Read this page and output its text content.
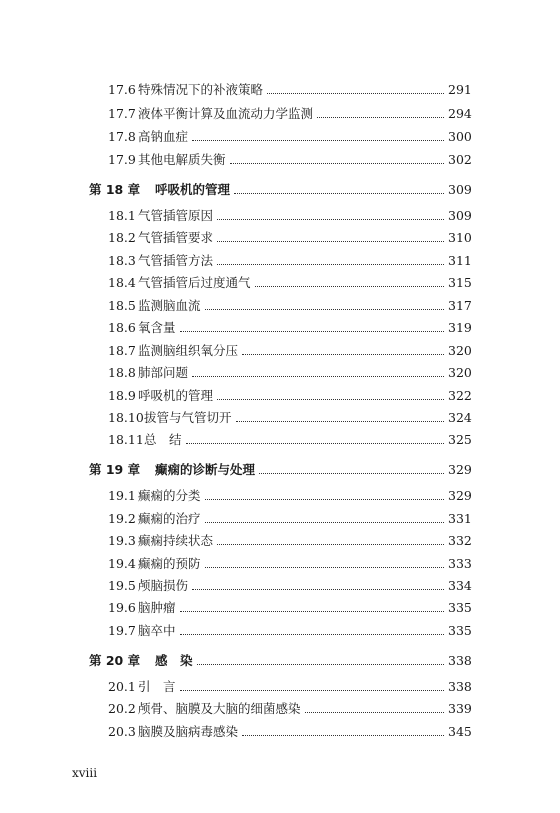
17.6 特殊情况下的补液策略	291
17.7 液体平衡计算及血流动力学监测	294
17.8 高钠血症	300
17.9 其他电解质失衡	302
第 18 章	呼吸机的管理	309
18.1 气管插管原因	309
18.2 气管插管要求	310
18.3 气管插管方法	311
18.4 气管插管后过度通气	315
18.5 监测脑血流	317
18.6 氧含量	319
18.7 监测脑组织氧分压	320
18.8 肺部问题	320
18.9 呼吸机的管理	322
18.10 拔管与气管切开	324
18.11 总　结	325
第 19 章	癫痫的诊断与处理	329
19.1 癫痫的分类	329
19.2 癫痫的治疗	331
19.3 癫痫持续状态	332
19.4 癫痫的预防	333
19.5 颅脑损伤	334
19.6 脑肿瘤	335
19.7 脑卒中	335
第 20 章	感　染	338
20.1 引　言	338
20.2 颅骨、脑膜及大脑的细菌感染	339
20.3 脑膜及脑病毒感染	345
xviii
